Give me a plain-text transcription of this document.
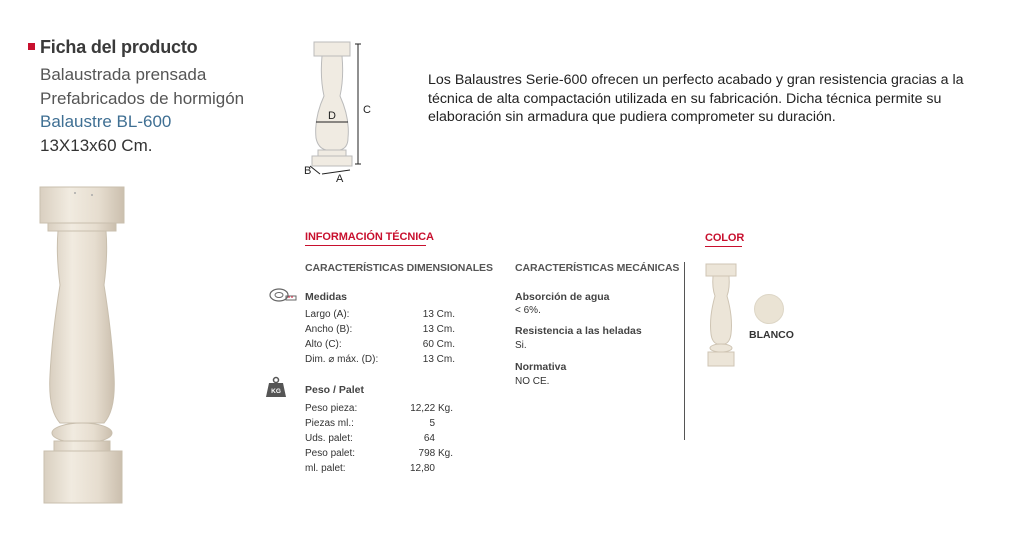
Ficha del producto
Balaustrada prensada
Prefabricados de hormigón
Balaustre BL-600
13X13x60 Cm.
D C
A
B
Los Balaustres Serie-600 ofrecen un perfecto acabado y gran resistencia gracias a la técnica de alta compactación utilizada en su fabricación. Dicha técnica permite su elaboración sin armadura que pudiera comprometer su duración.
INFORMACIÓN TÉCNICA
CARACTERÍSTICAS DIMENSIONALES CARACTERÍSTICAS MECÁNICAS
Medidas
Largo (A):	13 Cm.
Ancho (B):	13 Cm.
Alto (C):	60 Cm.
Dim. ⌀ máx. (D):	13 Cm.
KG Peso / Palet
Peso pieza:	12,22 Kg.
Piezas ml.:	5
Uds. palet:	64
Peso palet:	798 Kg.
ml. palet:	12,80
Absorción de agua
< 6%.
Resistencia a las heladas
Si.
Normativa
NO CE.
COLOR
BLANCO
